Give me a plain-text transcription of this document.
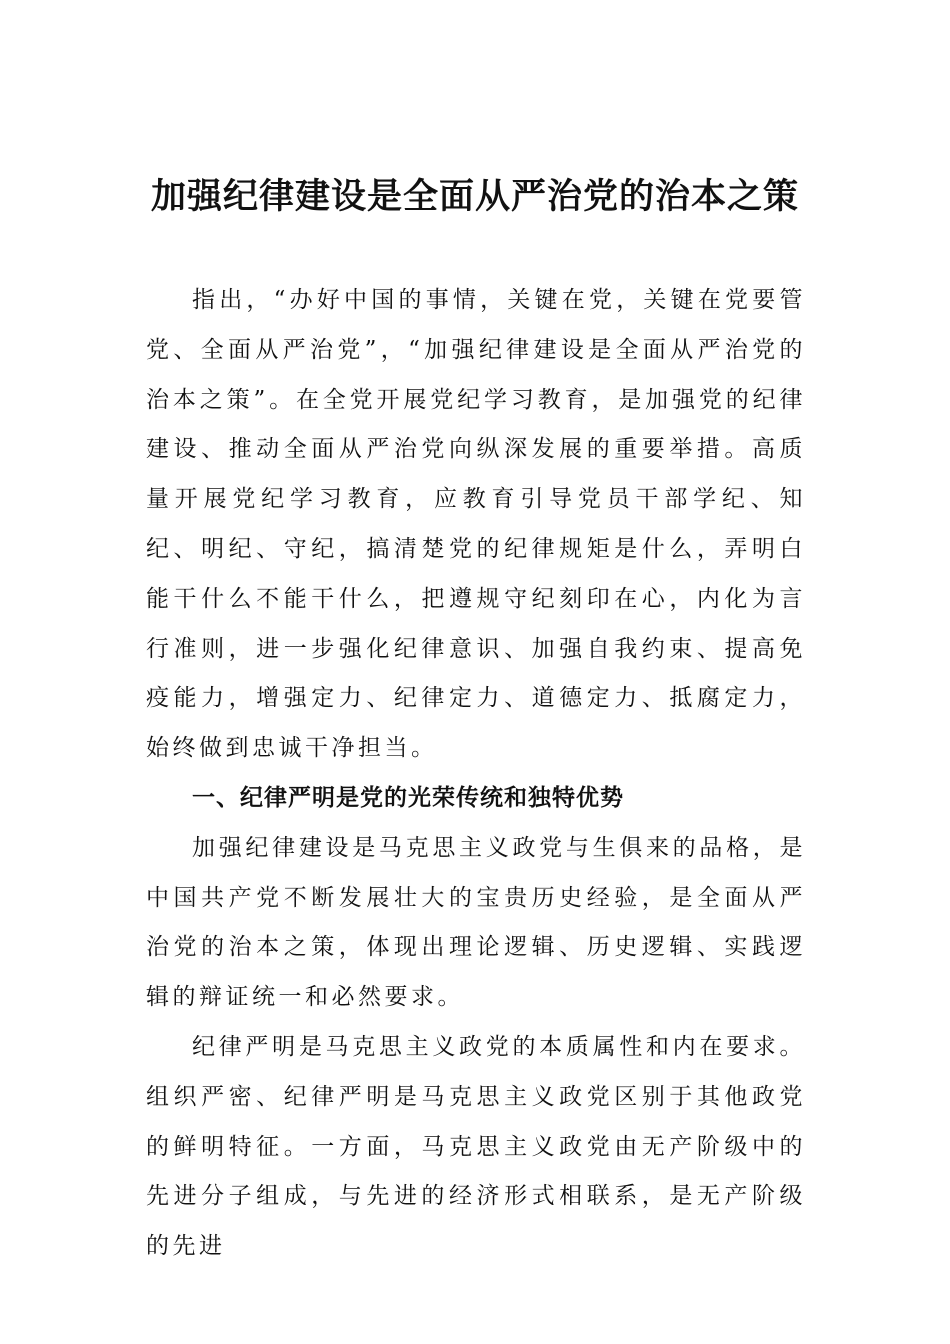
加强纪律建设是全面从严治党的治本之策

指出，“办好中国的事情，关键在党，关键在党要管党、全面从严治党”，“加强纪律建设是全面从严治党的治本之策”。在全党开展党纪学习教育，是加强党的纪律建设、推动全面从严治党向纵深发展的重要举措。高质量开展党纪学习教育，应教育引导党员干部学纪、知纪、明纪、守纪，搞清楚党的纪律规矩是什么，弄明白能干什么不能干什么，把遵规守纪刻印在心，内化为言行准则，进一步强化纪律意识、加强自我约束、提高免疫能力，增强定力、纪律定力、道德定力、抵腐定力，始终做到忠诚干净担当。

一、纪律严明是党的光荣传统和独特优势

加强纪律建设是马克思主义政党与生俱来的品格，是中国共产党不断发展壮大的宝贵历史经验，是全面从严治党的治本之策，体现出理论逻辑、历史逻辑、实践逻辑的辩证统一和必然要求。

纪律严明是马克思主义政党的本质属性和内在要求。组织严密、纪律严明是马克思主义政党区别于其他政党的鲜明特征。一方面，马克思主义政党由无产阶级中的先进分子组成，与先进的经济形式相联系，是无产阶级的先进
